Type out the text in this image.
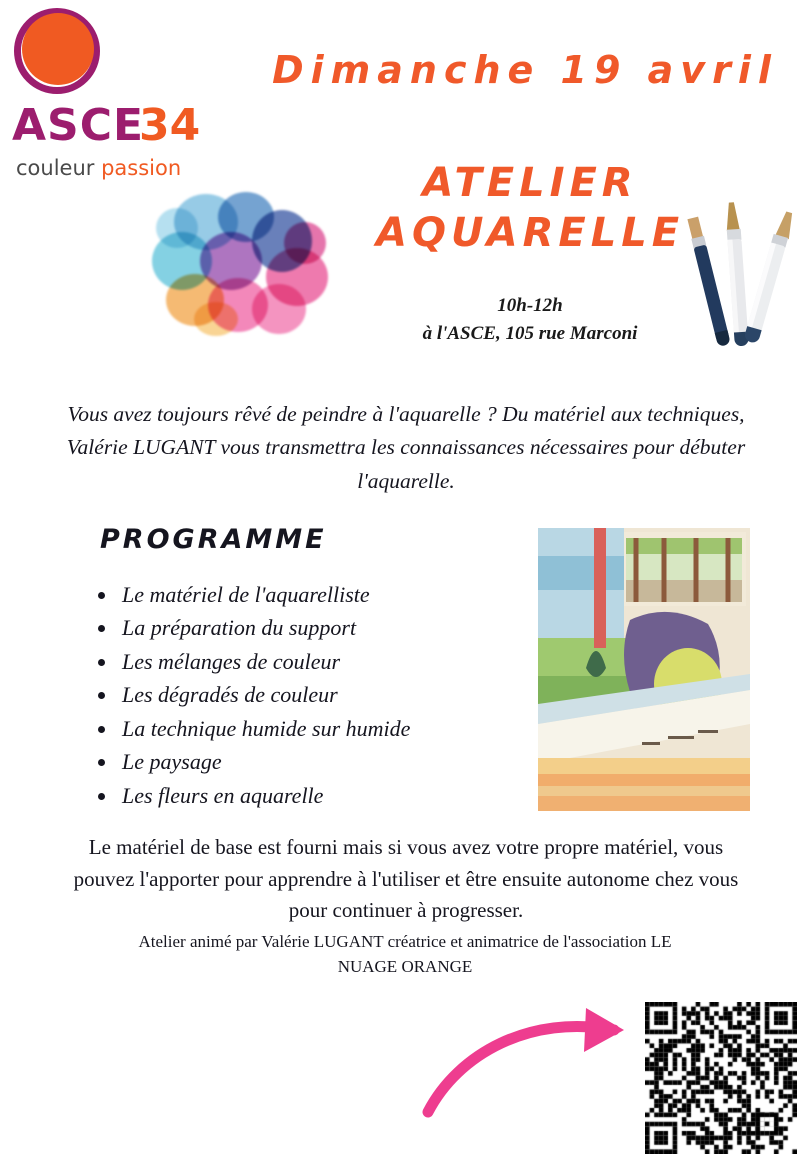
ASCE
34
couleur passion
Dimanche 19 avril
ATELIER
AQUARELLE
10h-12h
à l'ASCE, 105 rue Marconi
Vous avez toujours rêvé de peindre à l'aquarelle ? Du matériel aux techniques, Valérie LUGANT vous transmettra les connaissances nécessaires pour débuter l'aquarelle.
PROGRAMME
• Le matériel de l'aquarelliste
• La préparation du support
• Les mélanges de couleur
• Les dégradés de couleur
• La technique humide sur humide
• Le paysage
• Les fleurs en aquarelle
Le matériel de base est fourni mais si vous avez votre propre matériel, vous pouvez l'apporter pour apprendre à l'utiliser et être ensuite autonome chez vous pour continuer à progresser.
Atelier animé par Valérie LUGANT créatrice et animatrice de l'association LE NUAGE ORANGE
